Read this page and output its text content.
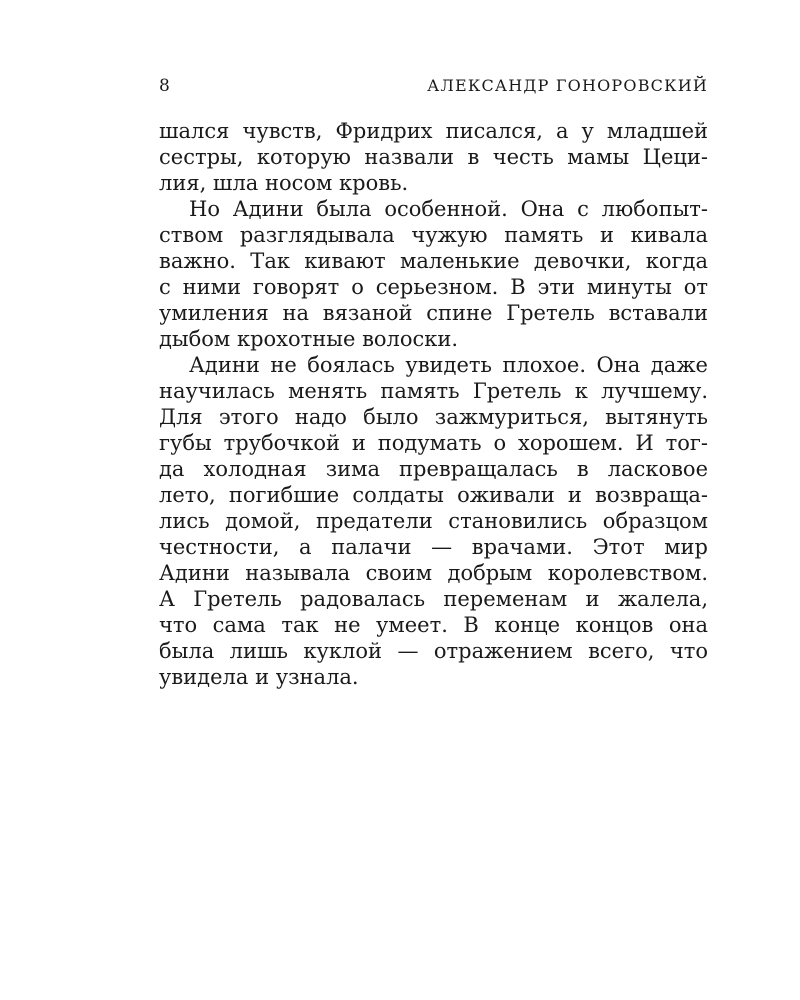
8	АЛЕКСАНДР ГОНОРОВСКИЙ
шался чувств, Фридрих писался, а у младшей
сестры, которую назвали в честь мамы Цеци-
лия, шла носом кровь.
Но Адини была особенной. Она с любопыт-
ством разглядывала чужую память и кивала
важно. Так кивают маленькие девочки, когда
с ними говорят о серьезном. В эти минуты от
умиления на вязаной спине Гретель вставали
дыбом крохотные волоски.
Адини не боялась увидеть плохое. Она даже
научилась менять память Гретель к лучшему.
Для этого надо было зажмуриться, вытянуть
губы трубочкой и подумать о хорошем. И тог-
да холодная зима превращалась в ласковое
лето, погибшие солдаты оживали и возвраща-
лись домой, предатели становились образцом
честности, а палачи — врачами. Этот мир
Адини называла своим добрым королевством.
А Гретель радовалась переменам и жалела,
что сама так не умеет. В конце концов она
была лишь куклой — отражением всего, что
увидела и узнала.
